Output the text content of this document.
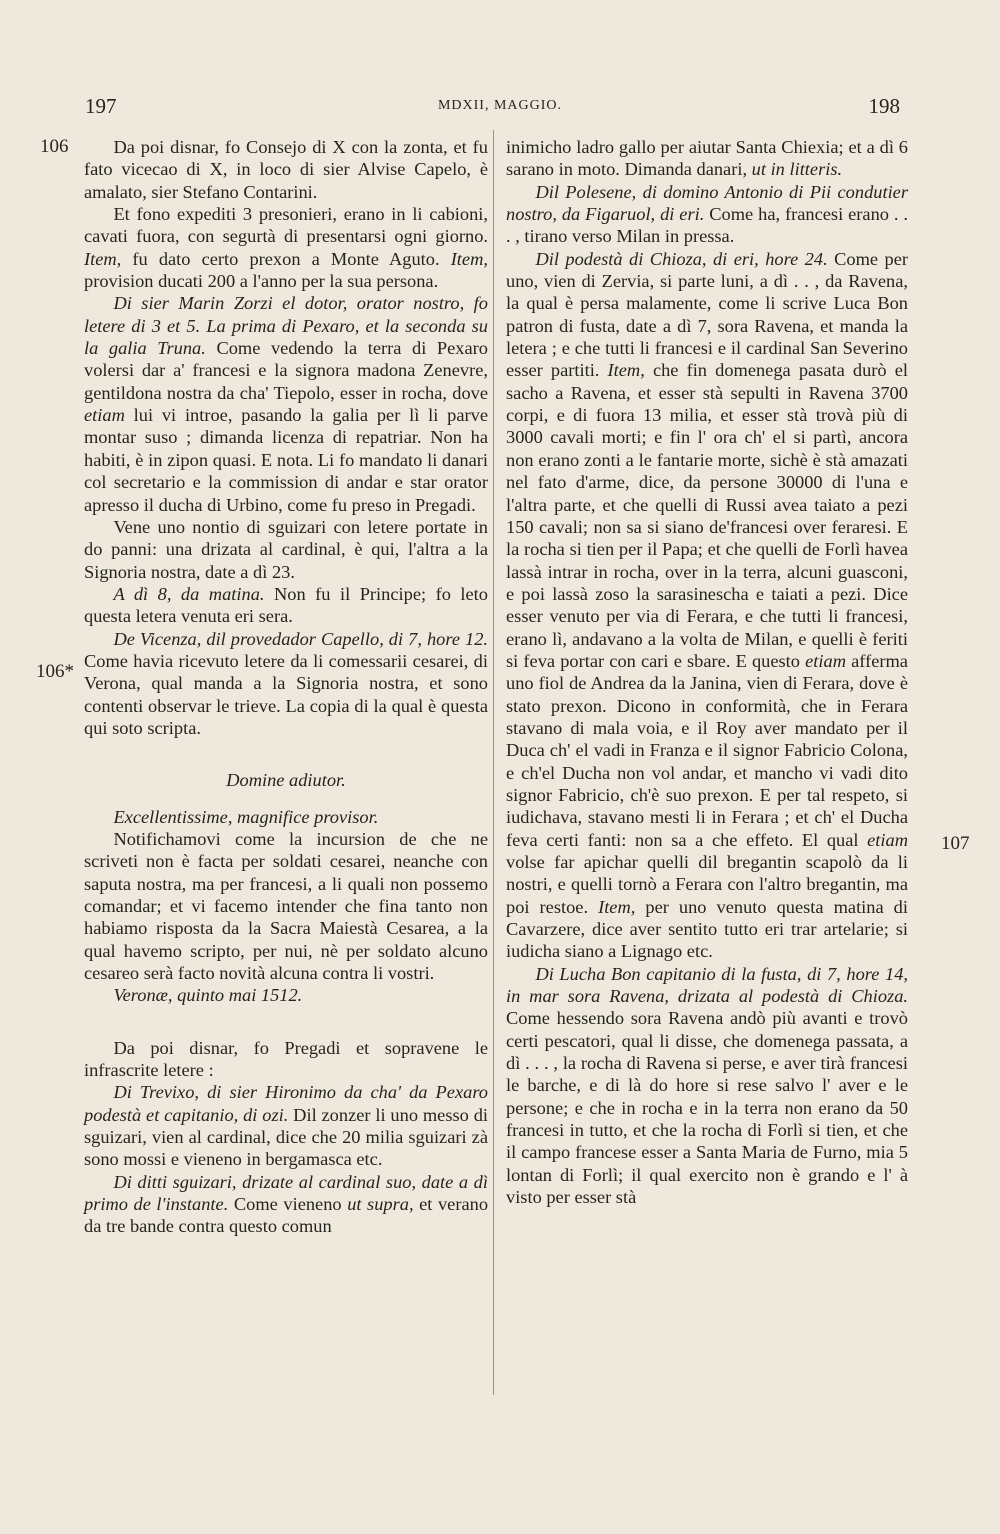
197	MDXII, MAGGIO.	198
106
106*
107

Da poi disnar, fo Consejo di X con la zonta, et fu fato vicecao di X, in loco di sier Alvise Capelo, è amalato, sier Stefano Contarini.

Et fono expediti 3 presonieri, erano in li cabioni, cavati fuora, con segurtà di presentarsi ogni giorno. Item, fu dato certo prexon a Monte Aguto. Item, provision ducati 200 a l'anno per la sua persona.

Di sier Marin Zorzi el dotor, orator nostro, fo letere di 3 et 5. La prima di Pexaro, et la seconda su la galia Truna. Come vedendo la terra di Pexaro volersi dar a' francesi e la signora madona Zenevre, gentildona nostra da cha' Tiepolo, esser in rocha, dove etiam lui vi introe, pasando la galia per lì li parve montar suso ; dimanda licenza di repatriar. Non ha habiti, è in zipon quasi. E nota. Li fo mandato li danari col secretario e la commission di andar e star orator apresso il ducha di Urbino, come fu preso in Pregadi.

Vene uno nontio di sguizari con letere portate in do panni: una drizata al cardinal, è qui, l'altra a la Signoria nostra, date a dì 23.

A dì 8, da matina. Non fu il Principe; fo leto questa letera venuta eri sera.

De Vicenza, dil provedador Capello, di 7, hore 12. Come havia ricevuto letere da li comessarii cesarei, di Verona, qual manda a la Signoria nostra, et sono contenti observar le trieve. La copia di la qual è questa qui soto scripta.

Domine adiutor.

Excellentissime, magnifice provisor.

Notifichamovi come la incursion de che ne scriveti non è facta per soldati cesarei, neanche con saputa nostra, ma per francesi, a li quali non possemo comandar; et vi facemo intender che fina tanto non habiamo risposta da la Sacra Maiestà Cesarea, a la qual havemo scripto, per nui, nè per soldato alcuno cesareo serà facto novità alcuna contra li vostri.

Veronæ, quinto mai 1512.

Da poi disnar, fo Pregadi et sopravene le infrascrite letere :

Di Trevixo, di sier Hironimo da cha' da Pexaro podestà et capitanio, di ozi. Dil zonzer li uno messo di sguizari, vien al cardinal, dice che 20 milia sguizari zà sono mossi e vieneno in bergamasca etc.

Di ditti sguizari, drizate al cardinal suo, date a dì primo de l'instante. Come vieneno ut supra, et verano da tre bande contra questo comun

inimicho ladro gallo per aiutar Santa Chiexia; et a dì 6 sarano in moto. Dimanda danari, ut in litteris.

Dil Polesene, di domino Antonio di Pii condutier nostro, da Figaruol, di eri. Come ha, francesi erano . . . , tirano verso Milan in pressa.

Dil podestà di Chioza, di eri, hore 24. Come per uno, vien di Zervia, si parte luni, a dì . . , da Ravena, la qual è persa malamente, come li scrive Luca Bon patron di fusta, date a dì 7, sora Ravena, et manda la letera ; e che tutti li francesi e il cardinal San Severino esser partiti. Item, che fin domenega pasata durò el sacho a Ravena, et esser stà sepulti in Ravena 3700 corpi, e di fuora 13 milia, et esser stà trovà più di 3000 cavali morti; e fin l' ora ch' el si partì, ancora non erano zonti a le fantarie morte, sichè è stà amazati nel fato d'arme, dice, da persone 30000 di l'una e l'altra parte, et che quelli di Russi avea taiato a pezi 150 cavali; non sa si siano de'francesi over feraresi. E la rocha si tien per il Papa; et che quelli de Forlì havea lassà intrar in rocha, over in la terra, alcuni guasconi, e poi lassà zoso la sarasinescha e taiati a pezi. Dice esser venuto per via di Ferara, e che tutti li francesi, erano lì, andavano a la volta de Milan, e quelli è feriti si feva portar con cari e sbare. E questo etiam afferma uno fiol de Andrea da la Janina, vien di Ferara, dove è stato prexon. Dicono in conformità, che in Ferara stavano di mala voia, e il Roy aver mandato per il Duca ch' el vadi in Franza e il signor Fabricio Colona, e ch'el Ducha non vol andar, et mancho vi vadi dito signor Fabricio, ch'è suo prexon. E per tal respeto, si iudichava, stavano mesti li in Ferara ; et ch' el Ducha feva certi fanti: non sa a che effeto. El qual etiam volse far apichar quelli dil bregantin scapolò da li nostri, e quelli tornò a Ferara con l'altro bregantin, ma poi restoe. Item, per uno venuto questa matina di Cavarzere, dice aver sentito tutto eri trar artelarie; si iudicha siano a Lignago etc.

Di Lucha Bon capitanio di la fusta, di 7, hore 14, in mar sora Ravena, drizata al podestà di Chioza. Come hessendo sora Ravena andò più avanti e trovò certi pescatori, qual li disse, che domenega passata, a dì . . . , la rocha di Ravena si perse, e aver tirà francesi le barche, e di là do hore si rese salvo l' aver e le persone; e che in rocha e in la terra non erano da 50 francesi in tutto, et che la rocha di Forlì si tien, et che il campo francese esser a Santa Maria de Furno, mia 5 lontan di Forlì; il qual exercito non è grando e l' à visto per esser stà
